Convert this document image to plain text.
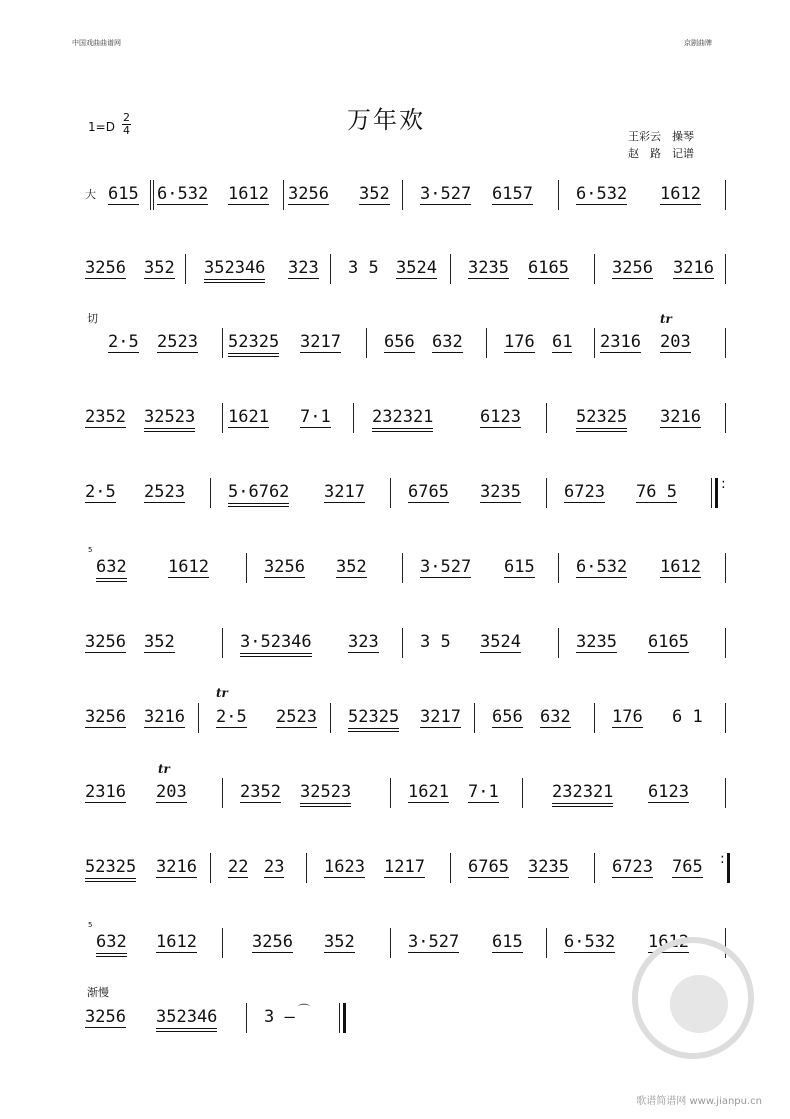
中国戏曲曲谱网	京剧曲牌
1=D
2
4	万年欢
王彩云　操琴
赵　路　记谱
大 615 6·532 1612 3256 352 3·527 6157	6·532 1612
3256 352 352346 323 3 5 3524 3235 6165	3256 3216
切	tr
2·5 2523 52325 3217	656 632 176 61 2316 203
2352 32523 1621 7·1 232321	6123	52325 3216
2·5 2523	5·6762 3217	6765 3235	6723 76 5	:
5
632 1612	3256 352	3·527 615 6·532 1612
3256 352	3·52346 323 3 5 3524	3235 6165
tr
3256 3216 2·5 2523 52325 3217 656 632 176 6 1
tr
2316 203	2352 32523	1621 7·1	232321 6123
52325 3216 22 23 1623 1217	6765 3235	6723 765 :
5
632 1612	3256 352	3·527 615 6·532 1612
渐慢
3256 352346	3 – ⌒
歌谱简谱网 www.jianpu.cn
